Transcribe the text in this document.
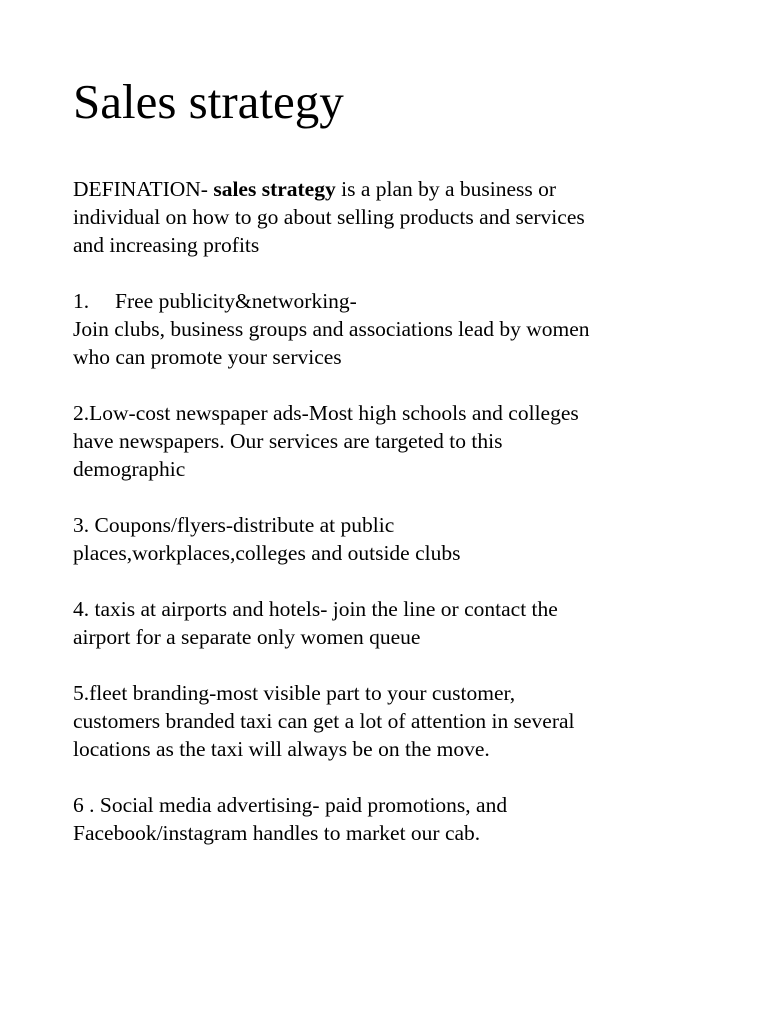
Sales strategy

DEFINATION- sales strategy is a plan by a business or
individual on how to go about selling products and services
and increasing profits

1. Free publicity&networking-
Join clubs, business groups and associations lead by women
who can promote your services

2.Low-cost newspaper ads-Most high schools and colleges
have newspapers. Our services are targeted to this
demographic

3. Coupons/flyers-distribute at public
places,workplaces,colleges and outside clubs

4. taxis at airports and hotels- join the line or contact the
airport for a separate only women queue

5.fleet branding-most visible part to your customer,
customers branded taxi can get a lot of attention in several
locations as the taxi will always be on the move.

6 . Social media advertising- paid promotions, and
Facebook/instagram handles to market our cab.
